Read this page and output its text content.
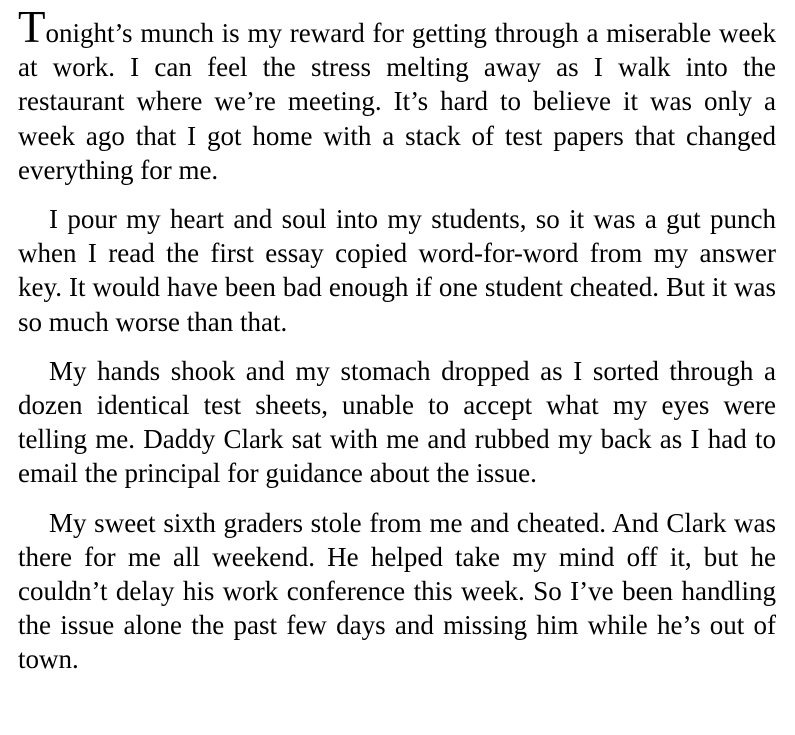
Tonight’s munch is my reward for getting through a miserable week at work. I can feel the stress melting away as I walk into the restaurant where we’re meeting. It’s hard to believe it was only a week ago that I got home with a stack of test papers that changed everything for me.

I pour my heart and soul into my students, so it was a gut punch when I read the first essay copied word-for-word from my answer key. It would have been bad enough if one student cheated. But it was so much worse than that.

My hands shook and my stomach dropped as I sorted through a dozen identical test sheets, unable to accept what my eyes were telling me. Daddy Clark sat with me and rubbed my back as I had to email the principal for guidance about the issue.

My sweet sixth graders stole from me and cheated. And Clark was there for me all weekend. He helped take my mind off it, but he couldn’t delay his work conference this week. So I’ve been handling the issue alone the past few days and missing him while he’s out of town.
